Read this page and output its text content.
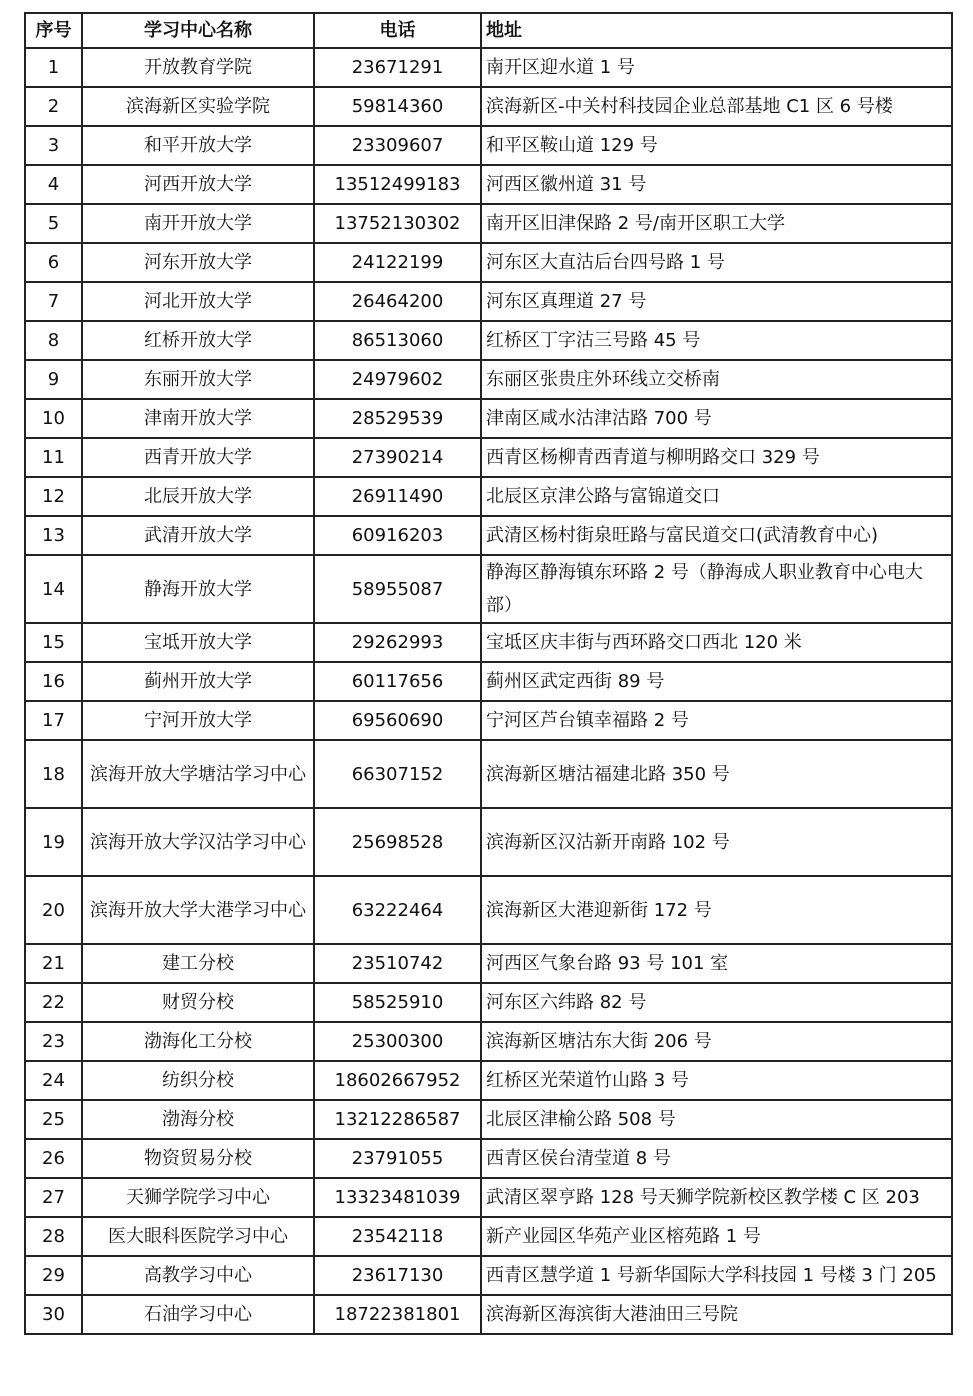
序号	学习中心名称	电话	地址
1	开放教育学院	23671291	南开区迎水道 1 号
2	滨海新区实验学院	59814360	滨海新区-中关村科技园企业总部基地 C1 区 6 号楼
3	和平开放大学	23309607	和平区鞍山道 129 号
4	河西开放大学	13512499183	河西区徽州道 31 号
5	南开开放大学	13752130302	南开区旧津保路 2 号/南开区职工大学
6	河东开放大学	24122199	河东区大直沽后台四号路 1 号
7	河北开放大学	26464200	河东区真理道 27 号
8	红桥开放大学	86513060	红桥区丁字沽三号路 45 号
9	东丽开放大学	24979602	东丽区张贵庄外环线立交桥南
10	津南开放大学	28529539	津南区咸水沽津沽路 700 号
11	西青开放大学	27390214	西青区杨柳青西青道与柳明路交口 329 号
12	北辰开放大学	26911490	北辰区京津公路与富锦道交口
13	武清开放大学	60916203	武清区杨村街泉旺路与富民道交口(武清教育中心)
14	静海开放大学	58955087	静海区静海镇东环路 2 号（静海成人职业教育中心电大部）
15	宝坻开放大学	29262993	宝坻区庆丰街与西环路交口西北 120 米
16	蓟州开放大学	60117656	蓟州区武定西街 89 号
17	宁河开放大学	69560690	宁河区芦台镇幸福路 2 号
18	滨海开放大学塘沽学习中心	66307152	滨海新区塘沽福建北路 350 号
19	滨海开放大学汉沽学习中心	25698528	滨海新区汉沽新开南路 102 号
20	滨海开放大学大港学习中心	63222464	滨海新区大港迎新街 172 号
21	建工分校	23510742	河西区气象台路 93 号 101 室
22	财贸分校	58525910	河东区六纬路 82 号
23	渤海化工分校	25300300	滨海新区塘沽东大街 206 号
24	纺织分校	18602667952	红桥区光荣道竹山路 3 号
25	渤海分校	13212286587	北辰区津榆公路 508 号
26	物资贸易分校	23791055	西青区侯台清莹道 8 号
27	天狮学院学习中心	13323481039	武清区翠亨路 128 号天狮学院新校区教学楼 C 区 203
28	医大眼科医院学习中心	23542118	新产业园区华苑产业区榕苑路 1 号
29	高教学习中心	23617130	西青区慧学道 1 号新华国际大学科技园 1 号楼 3 门 205
30	石油学习中心	18722381801	滨海新区海滨街大港油田三号院
